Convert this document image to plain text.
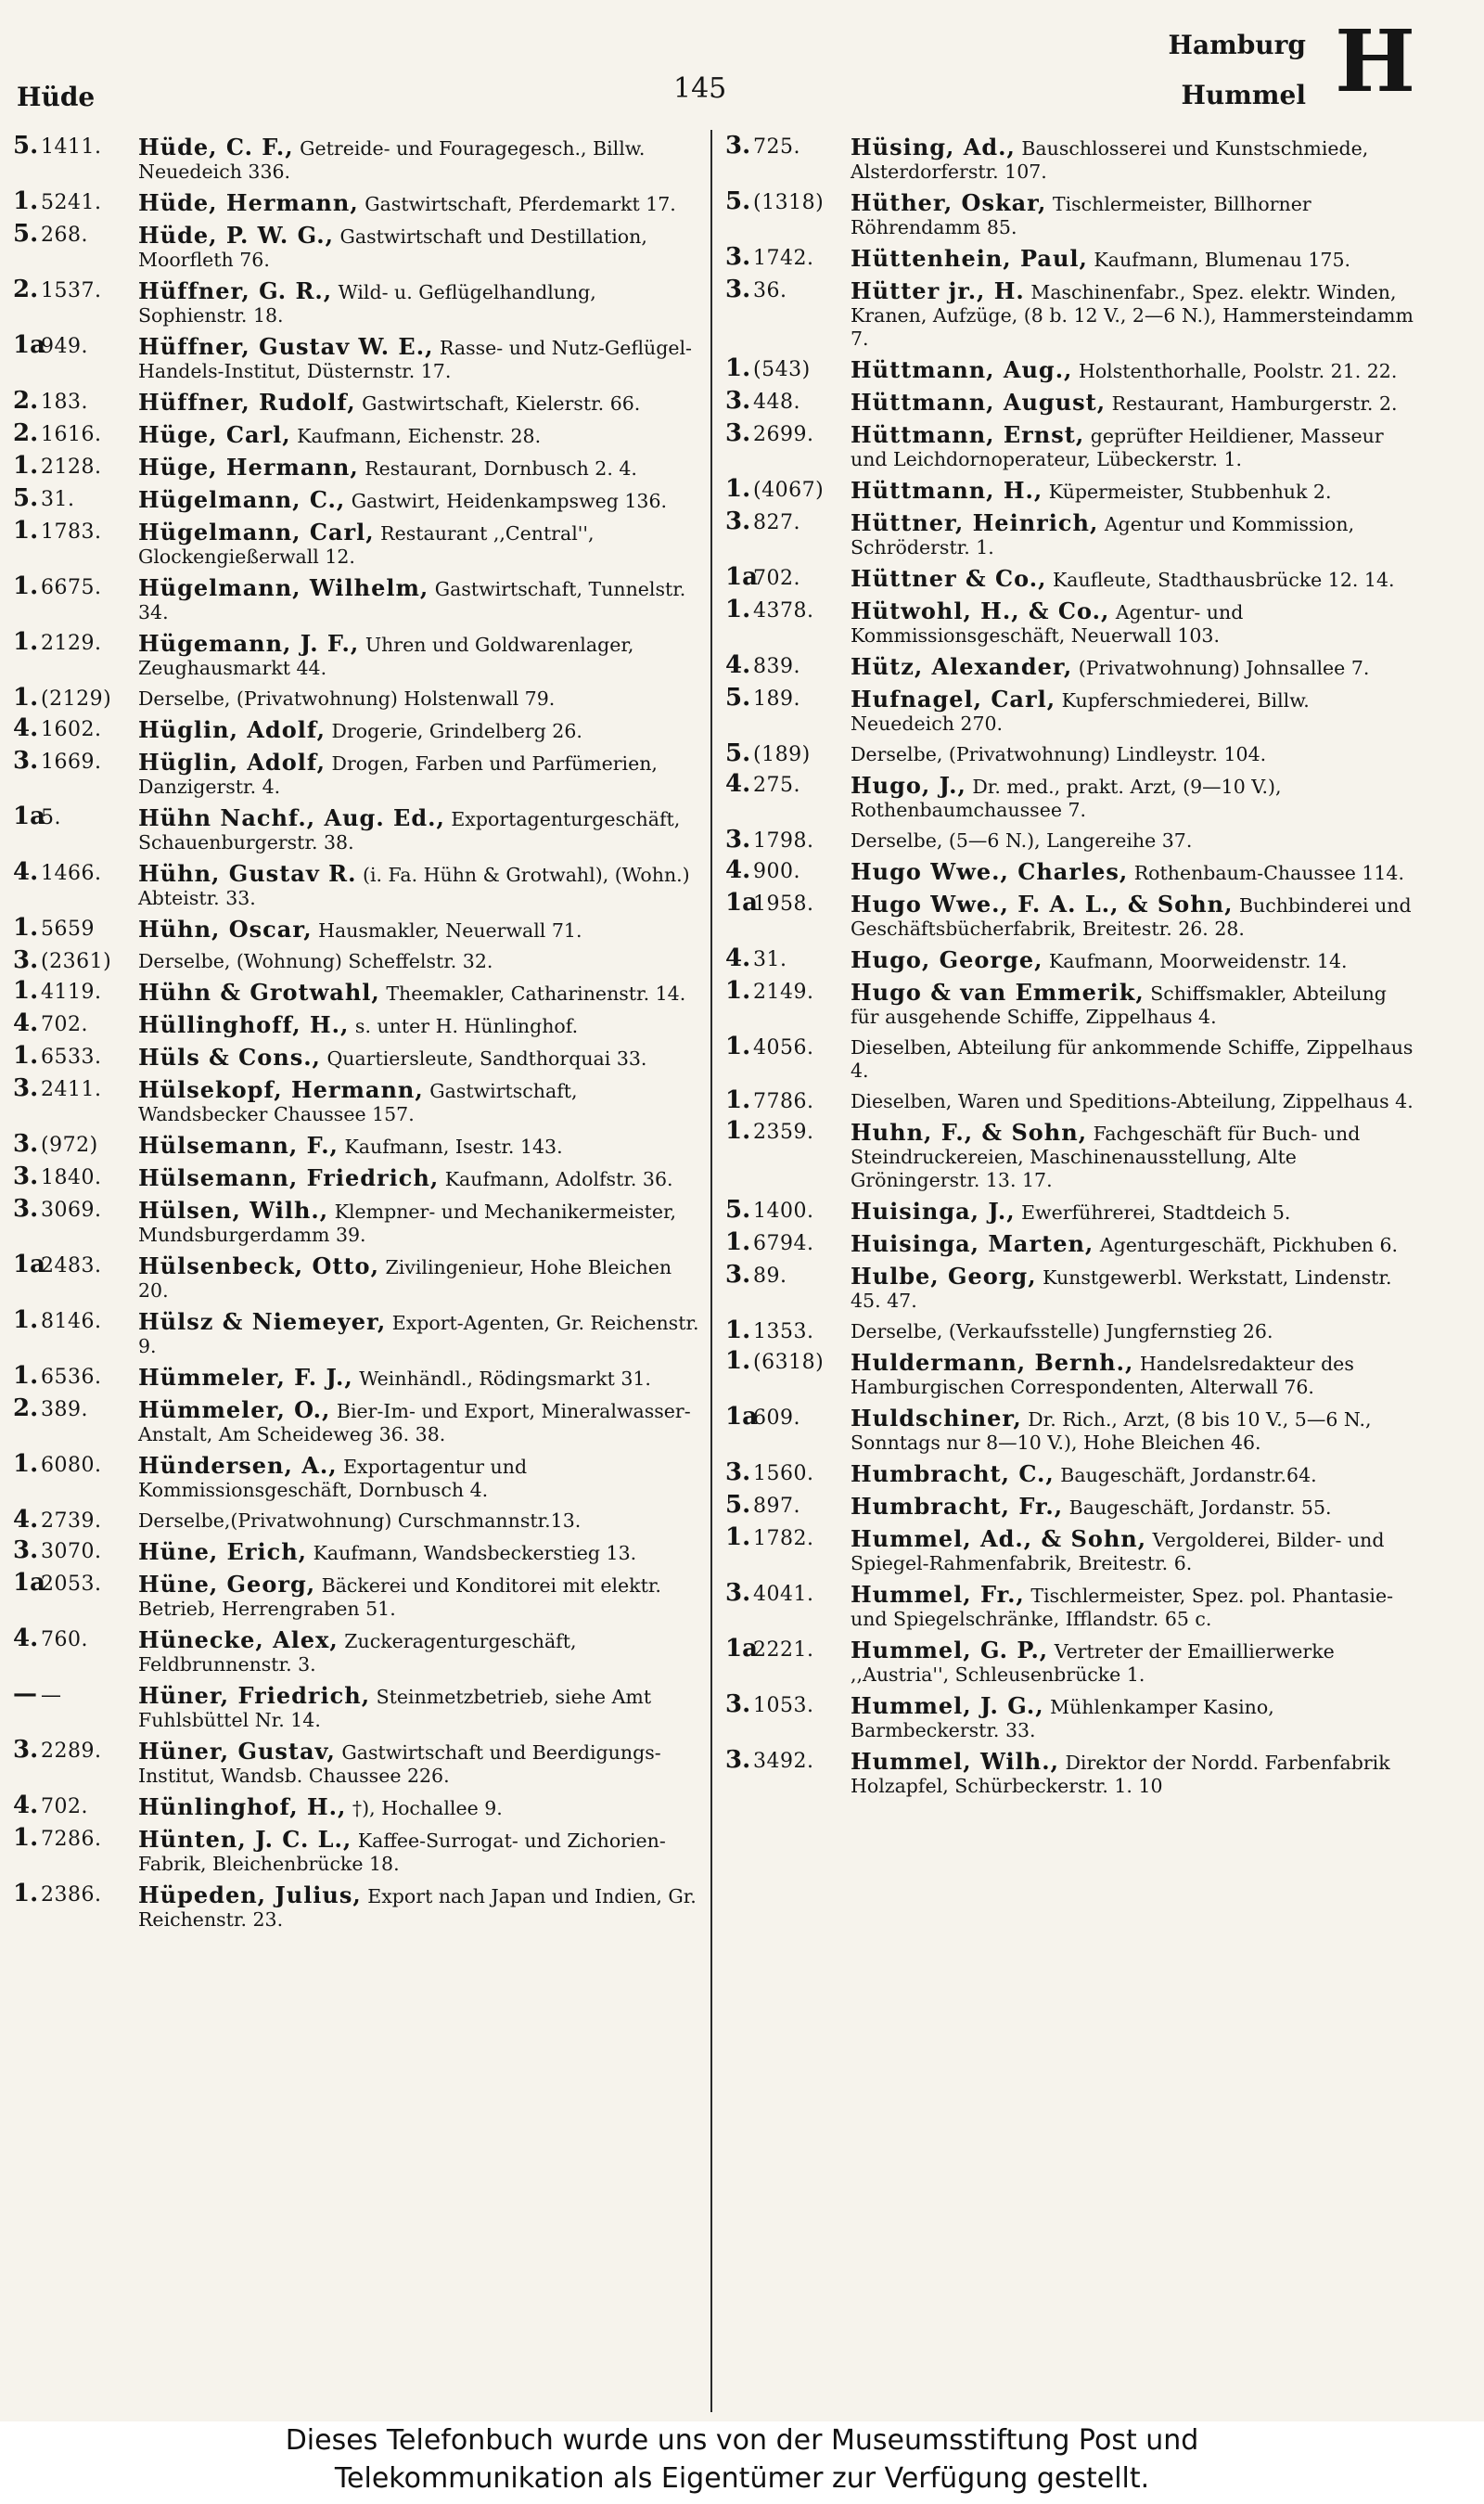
Hüde	145
Hamburg
Hummel H
5. 1411.	Hüde, C. F., Getreide- und Fouragegesch., Billw. Neuedeich 336.
1. 5241.	Hüde, Hermann, Gastwirtschaft, Pferdemarkt 17.
5. 268.	Hüde, P. W. G., Gastwirtschaft und Destillation, Moorfleth 76.
2. 1537.	Hüffner, G. R., Wild- u. Geflügelhandlung, Sophienstr. 18.
1a949.	Hüffner, Gustav W. E., Rasse- und Nutz-Geflügel-Handels-Institut, Düsternstr. 17.
2. 183.	Hüffner, Rudolf, Gastwirtschaft, Kielerstr. 66.
2. 1616.	Hüge, Carl, Kaufmann, Eichenstr. 28.
1. 2128.	Hüge, Hermann, Restaurant, Dornbusch 2. 4.
5. 31.	Hügelmann, C., Gastwirt, Heidenkampsweg 136.
1. 1783.	Hügelmann, Carl, Restaurant ,,Central'', Glockengießerwall 12.
1. 6675.	Hügelmann, Wilhelm, Gastwirtschaft, Tunnelstr. 34.
1. 2129.	Hügemann, J. F., Uhren und Goldwarenlager, Zeughausmarkt 44.
1. (2129)	Derselbe, (Privatwohnung) Holstenwall 79.
4. 1602.	Hüglin, Adolf, Drogerie, Grindelberg 26.
3. 1669.	Hüglin, Adolf, Drogen, Farben und Parfümerien, Danzigerstr. 4.
1a5.	Hühn Nachf., Aug. Ed., Exportagenturgeschäft, Schauenburgerstr. 38.
4. 1466.	Hühn, Gustav R. (i. Fa. Hühn & Grotwahl), (Wohn.) Abteistr. 33.
1. 5659	Hühn, Oscar, Hausmakler, Neuerwall 71.
3. (2361)	Derselbe, (Wohnung) Scheffelstr. 32.
1. 4119.	Hühn & Grotwahl, Theemakler, Catharinenstr. 14.
4. 702.	Hüllinghoff, H., s. unter H. Hünlinghof.
1. 6533.	Hüls & Cons., Quartiersleute, Sandthorquai 33.
3. 2411.	Hülsekopf, Hermann, Gastwirtschaft, Wandsbecker Chaussee 157.
3. (972)	Hülsemann, F., Kaufmann, Isestr. 143.
3. 1840.	Hülsemann, Friedrich, Kaufmann, Adolfstr. 36.
3. 3069.	Hülsen, Wilh., Klempner- und Mechanikermeister, Mundsburgerdamm 39.
1a2483.	Hülsenbeck, Otto, Zivilingenieur, Hohe Bleichen 20.
1. 8146.	Hülsz & Niemeyer, Export-Agenten, Gr. Reichenstr. 9.
1. 6536.	Hümmeler, F. J., Weinhändl., Rödingsmarkt 31.
2. 389.	Hümmeler, O., Bier-Im- und Export, Mineralwasser-Anstalt, Am Scheideweg 36. 38.
1. 6080.	Hündersen, A., Exportagentur und Kommissionsgeschäft, Dornbusch 4.
4. 2739.	Derselbe,(Privatwohnung) Curschmannstr.13.
3. 3070.	Hüne, Erich, Kaufmann, Wandsbeckerstieg 13.
1a2053.	Hüne, Georg, Bäckerei und Konditorei mit elektr. Betrieb, Herrengraben 51.
4. 760.	Hünecke, Alex, Zuckeragenturgeschäft, Feldbrunnenstr. 3.
— —	Hüner, Friedrich, Steinmetzbetrieb, siehe Amt Fuhlsbüttel Nr. 14.
3. 2289.	Hüner, Gustav, Gastwirtschaft und Beerdigungs-Institut, Wandsb. Chaussee 226.
4. 702.	Hünlinghof, H., †), Hochallee 9.
1. 7286.	Hünten, J. C. L., Kaffee-Surrogat- und Zichorien-Fabrik, Bleichenbrücke 18.
1. 2386.	Hüpeden, Julius, Export nach Japan und Indien, Gr. Reichenstr. 23.
3. 725.	Hüsing, Ad., Bauschlosserei und Kunstschmiede, Alsterdorferstr. 107.
5. (1318)	Hüther, Oskar, Tischlermeister, Billhorner Röhrendamm 85.
3. 1742.	Hüttenhein, Paul, Kaufmann, Blumenau 175.
3. 36.	Hütter jr., H. Maschinenfabr., Spez. elektr. Winden, Kranen, Aufzüge, (8 b. 12 V., 2—6 N.), Hammersteindamm 7.
1. (543)	Hüttmann, Aug., Holstenthorhalle, Poolstr. 21. 22.
3. 448.	Hüttmann, August, Restaurant, Hamburgerstr. 2.
3. 2699.	Hüttmann, Ernst, geprüfter Heildiener, Masseur und Leichdornoperateur, Lübeckerstr. 1.
1. (4067)	Hüttmann, H., Küpermeister, Stubbenhuk 2.
3. 827.	Hüttner, Heinrich, Agentur und Kommission, Schröderstr. 1.
1a702.	Hüttner & Co., Kaufleute, Stadthausbrücke 12. 14.
1. 4378.	Hütwohl, H., & Co., Agentur- und Kommissionsgeschäft, Neuerwall 103.
4. 839.	Hütz, Alexander, (Privatwohnung) Johnsallee 7.
5. 189.	Hufnagel, Carl, Kupferschmiederei, Billw. Neuedeich 270.
5. (189)	Derselbe, (Privatwohnung) Lindleystr. 104.
4. 275.	Hugo, J., Dr. med., prakt. Arzt, (9—10 V.), Rothenbaumchaussee 7.
3. 1798.	Derselbe, (5—6 N.), Langereihe 37.
4. 900.	Hugo Wwe., Charles, Rothenbaum-Chaussee 114.
1a1958.	Hugo Wwe., F. A. L., & Sohn, Buchbinderei und Geschäftsbücherfabrik, Breitestr. 26. 28.
4. 31.	Hugo, George, Kaufmann, Moorweidenstr. 14.
1. 2149.	Hugo & van Emmerik, Schiffsmakler, Abteilung für ausgehende Schiffe, Zippelhaus 4.
1. 4056.	Dieselben, Abteilung für ankommende Schiffe, Zippelhaus 4.
1. 7786.	Dieselben, Waren und Speditions-Abteilung, Zippelhaus 4.
1. 2359.	Huhn, F., & Sohn, Fachgeschäft für Buch- und Steindruckereien, Maschinenausstellung, Alte Gröningerstr. 13. 17.
5. 1400.	Huisinga, J., Ewerführerei, Stadtdeich 5.
1. 6794.	Huisinga, Marten, Agenturgeschäft, Pickhuben 6.
3. 89.	Hulbe, Georg, Kunstgewerbl. Werkstatt, Lindenstr. 45. 47.
1. 1353.	Derselbe, (Verkaufsstelle) Jungfernstieg 26.
1. (6318)	Huldermann, Bernh., Handelsredakteur des Hamburgischen Correspondenten, Alterwall 76.
1a609.	Huldschiner, Dr. Rich., Arzt, (8 bis 10 V., 5—6 N., Sonntags nur 8—10 V.), Hohe Bleichen 46.
3. 1560.	Humbracht, C., Baugeschäft, Jordanstr.64.
5. 897.	Humbracht, Fr., Baugeschäft, Jordanstr. 55.
1. 1782.	Hummel, Ad., & Sohn, Vergolderei, Bilder- und Spiegel-Rahmenfabrik, Breitestr. 6.
3. 4041.	Hummel, Fr., Tischlermeister, Spez. pol. Phantasie- und Spiegelschränke, Ifflandstr. 65 c.
1a2221.	Hummel, G. P., Vertreter der Emaillierwerke ,,Austria'', Schleusenbrücke 1.
3. 1053.	Hummel, J. G., Mühlenkamper Kasino, Barmbeckerstr. 33.
3. 3492.	Hummel, Wilh., Direktor der Nordd. Farbenfabrik Holzapfel, Schürbeckerstr. 1. 10
Dieses Telefonbuch wurde uns von der Museumsstiftung Post und
Telekommunikation als Eigentümer zur Verfügung gestellt.
